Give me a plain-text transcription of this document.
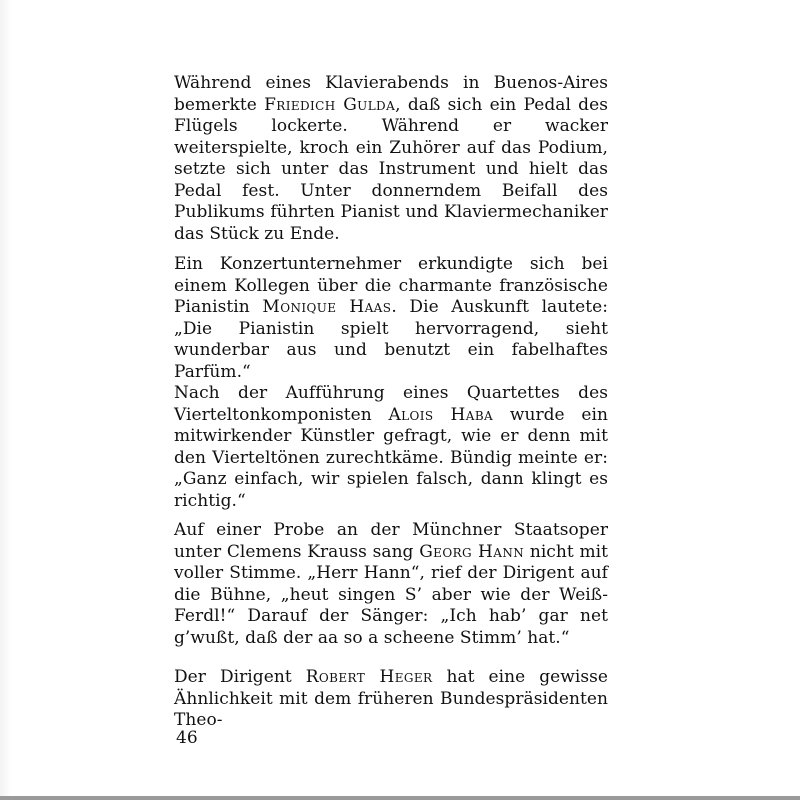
Während eines Klavierabends in Buenos-Aires bemerkte Friedich Gulda, daß sich ein Pedal des Flügels lockerte. Während er wacker weiterspielte, kroch ein Zuhörer auf das Podium, setzte sich unter das Instrument und hielt das Pedal fest. Unter donnerndem Beifall des Publikums führten Pianist und Klaviermechaniker das Stück zu Ende.
Ein Konzertunternehmer erkundigte sich bei einem Kollegen über die charmante französische Pianistin Monique Haas. Die Auskunft lautete: „Die Pianistin spielt hervorragend, sieht wunderbar aus und benutzt ein fabelhaftes Parfüm.“
Nach der Aufführung eines Quartettes des Vierteltonkomponisten Alois Haba wurde ein mitwirkender Künstler gefragt, wie er denn mit den Vierteltönen zurechtkäme. Bündig meinte er: „Ganz einfach, wir spielen falsch, dann klingt es richtig.“
Auf einer Probe an der Münchner Staatsoper unter Clemens Krauss sang Georg Hann nicht mit voller Stimme. „Herr Hann“, rief der Dirigent auf die Bühne, „heut singen S’ aber wie der Weiß-Ferdl!“ Darauf der Sänger: „Ich hab’ gar net g’wußt, daß der aa so a scheene Stimm’ hat.“
Der Dirigent Robert Heger hat eine gewisse Ähnlichkeit mit dem früheren Bundespräsidenten Theo-
46
